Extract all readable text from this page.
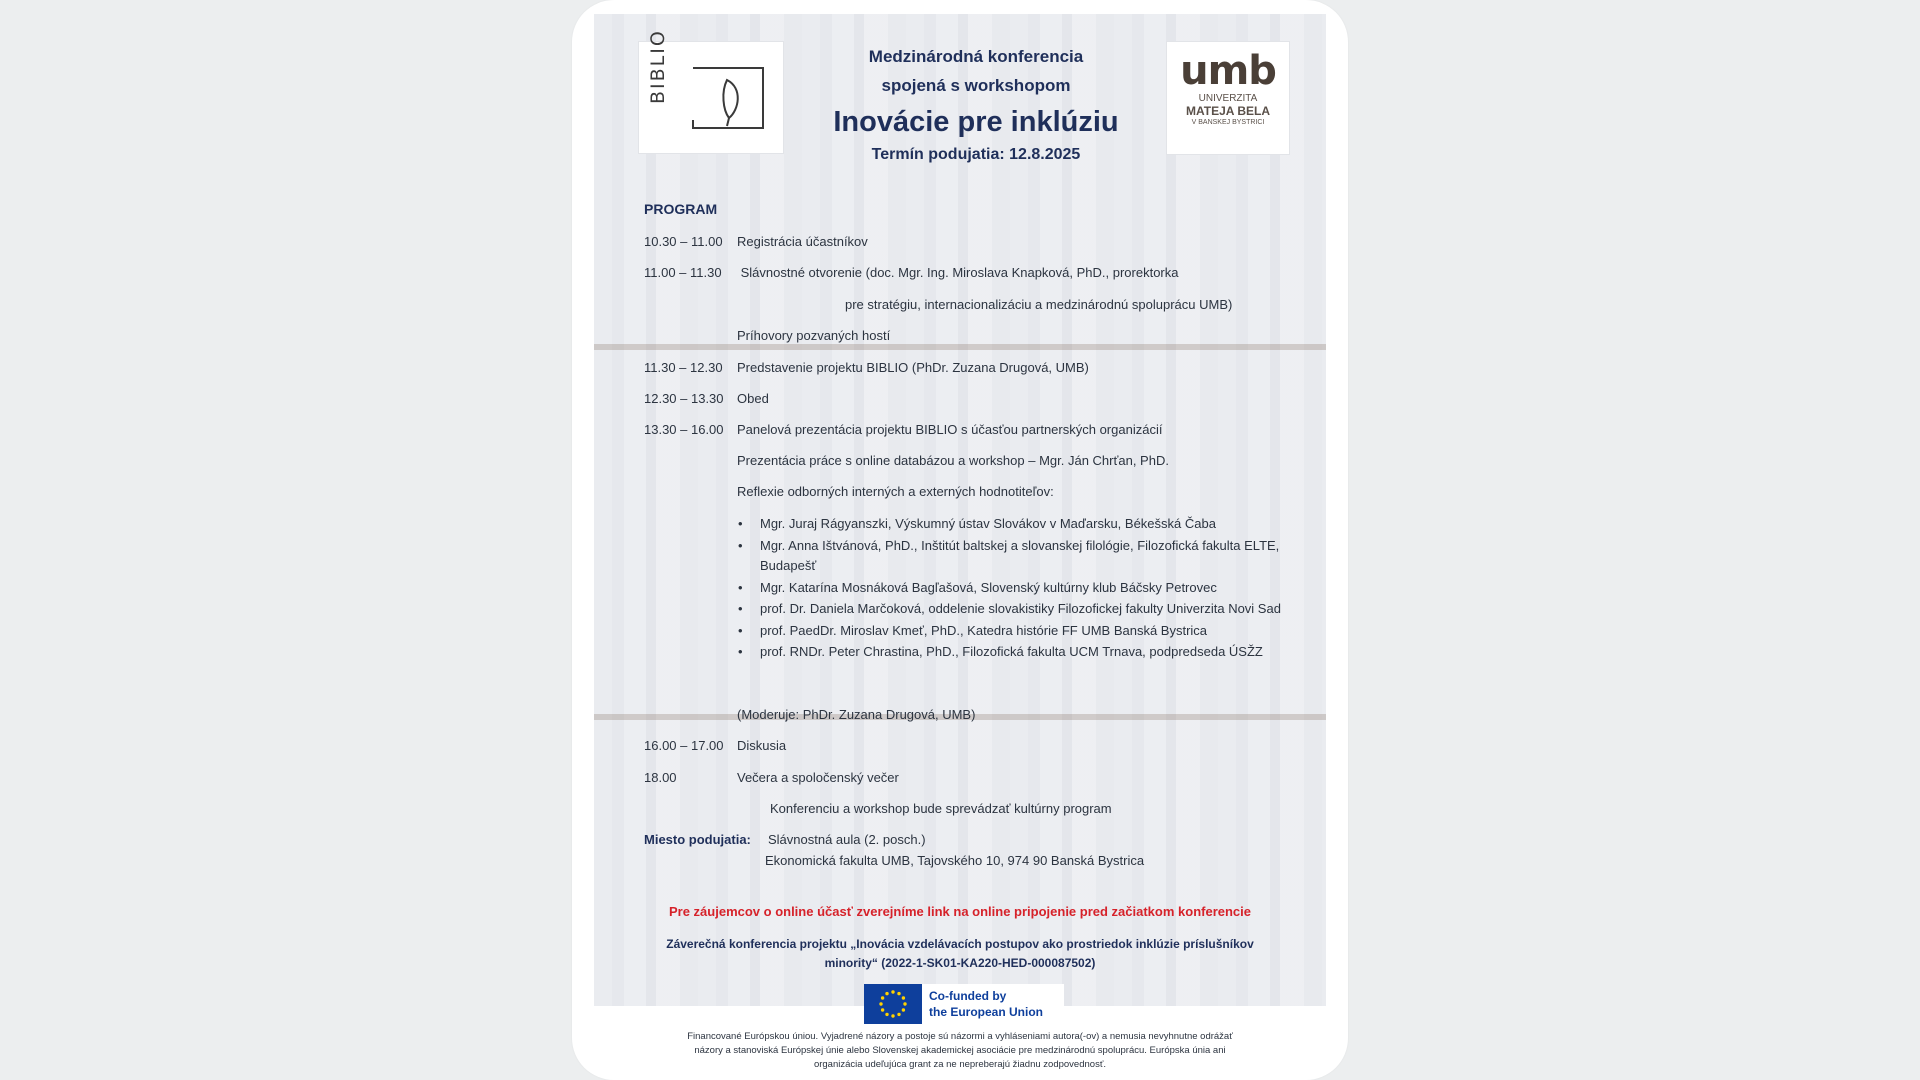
BIBLIO	Medzinárodná konferencia
spojená s workshopom
Inovácie pre inklúziu
Termín podujatia: 12.8.2025
umb
UNIVERZITA
MATEJA BELA
V BANSKEJ BYSTRICI
PROGRAM
10.30 – 11.00 Registrácia účastníkov
11.00 – 11.30 Slávnostné otvorenie (doc. Mgr. Ing. Miroslava Knapková, PhD., prorektorka
pre stratégiu, internacionalizáciu a medzinárodnú spoluprácu UMB)
Príhovory pozvaných hostí
11.30 – 12.30 Predstavenie projektu BIBLIO (PhDr. Zuzana Drugová, UMB)
12.30 – 13.30 Obed
13.30 – 16.00 Panelová prezentácia projektu BIBLIO s účasťou partnerských organizácií
Prezentácia práce s online databázou a workshop – Mgr. Ján Chrťan, PhD.
Reflexie odborných interných a externých hodnotiteľov:
• Mgr. Juraj Rágyanszki, Výskumný ústav Slovákov v Maďarsku, Békešská Čaba
• Mgr. Anna Ištvánová, PhD., Inštitút baltskej a slovanskej filológie, Filozofická fakulta ELTE, Budapešť
• Mgr. Katarína Mosnáková Bagľašová, Slovenský kultúrny klub Báčsky Petrovec
• prof. Dr. Daniela Marčoková, oddelenie slovakistiky Filozofickej fakulty Univerzita Novi Sad
• prof. PaedDr. Miroslav Kmeť, PhD., Katedra histórie FF UMB Banská Bystrica
• prof. RNDr. Peter Chrastina, PhD., Filozofická fakulta UCM Trnava, podpredseda ÚSŽZ
(Moderuje: PhDr. Zuzana Drugová, UMB)
16.00 – 17.00 Diskusia
18.00	Večera a spoločenský večer
Konferenciu a workshop bude sprevádzať kultúrny program
Miesto podujatia: Slávnostná aula (2. posch.)
Ekonomická fakulta UMB, Tajovského 10, 974 90 Banská Bystrica
Pre záujemcov o online účasť zverejníme link na online pripojenie pred začiatkom konferencie
Záverečná konferencia projektu „Inovácia vzdelávacích postupov ako prostriedok inklúzie príslušníkov
minority“ (2022-1-SK01-KA220-HED-000087502)
Co-funded by
the European Union
Financované Európskou úniou. Vyjadrené názory a postoje sú názormi a vyhláseniami autora(-ov) a nemusia nevyhnutne odrážať
názory a stanoviská Európskej únie alebo Slovenskej akademickej asociácie pre medzinárodnú spoluprácu. Európska únia ani
organizácia udeľujúca grant za ne nepreberajú žiadnu zodpovednosť.
